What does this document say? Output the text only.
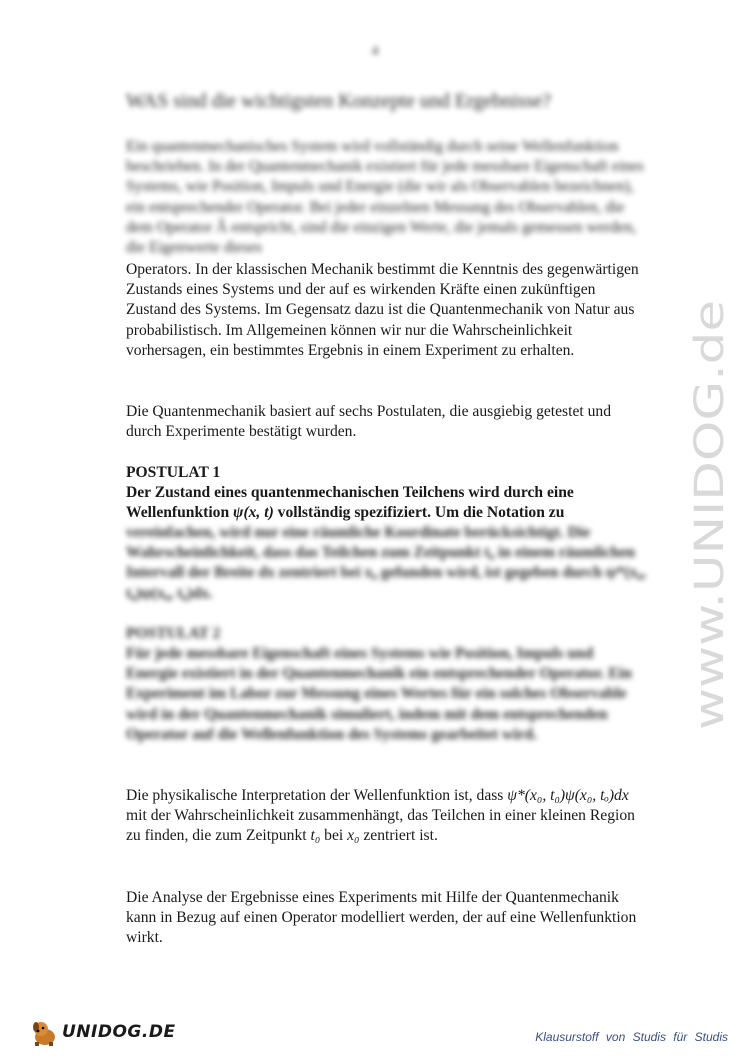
4
WAS sind die wichtigsten Konzepte und Ergebnisse?

Ein quantenmechanisches System wird vollständig durch seine Wellenfunktion beschrieben. In der Quantenmechanik existiert für jede messbare Eigenschaft eines Systems, wie Position, Impuls und Energie (die wir als Observablen bezeichnen), ein entsprechender Operator. Bei jeder einzelnen Messung des Observablen, die dem Operator Â entspricht, sind die einzigen Werte, die jemals gemessen werden, die Eigenwerte dieses

Operators. In der klassischen Mechanik bestimmt die Kenntnis des gegenwärtigen Zustands eines Systems und der auf es wirkenden Kräfte einen zukünftigen Zustand des Systems. Im Gegensatz dazu ist die Quantenmechanik von Natur aus probabilistisch. Im Allgemeinen können wir nur die Wahrscheinlichkeit vorhersagen, ein bestimmtes Ergebnis in einem Experiment zu erhalten.

Die Quantenmechanik basiert auf sechs Postulaten, die ausgiebig getestet und durch Experimente bestätigt wurden.

POSTULAT 1

Der Zustand eines quantenmechanischen Teilchens wird durch eine Wellenfunktion ψ(x, t) vollständig spezifiziert. Um die Notation zu

vereinfachen, wird nur eine räumliche Koordinate berücksichtigt. Die Wahrscheinlichkeit, dass das Teilchen zum Zeitpunkt t₀ in einem räumlichen Intervall der Breite dx zentriert bei x₀ gefunden wird, ist gegeben durch ψ*(x₀, t₀)ψ(x₀, t₀)dx.

POSTULAT 2

Für jede messbare Eigenschaft eines Systems wie Position, Impuls und Energie existiert in der Quantenmechanik ein entsprechender Operator. Ein Experiment im Labor zur Messung eines Wertes für ein solches Observable wird in der Quantenmechanik simuliert, indem mit dem entsprechenden Operator auf die Wellenfunktion des Systems gearbeitet wird.

Die physikalische Interpretation der Wellenfunktion ist, dass ψ*(x₀, t₀)ψ(x₀, tₒ)dx mit der Wahrscheinlichkeit zusammenhängt, das Teilchen in einer kleinen Region zu finden, die zum Zeitpunkt t₀ bei x₀ zentriert ist.

Die Analyse der Ergebnisse eines Experiments mit Hilfe der Quantenmechanik kann in Bezug auf einen Operator modelliert werden, der auf eine Wellenfunktion wirkt.

www.UNIDOG.de
UNIDOG.DE	Klausurstoff von Studis für Studis
